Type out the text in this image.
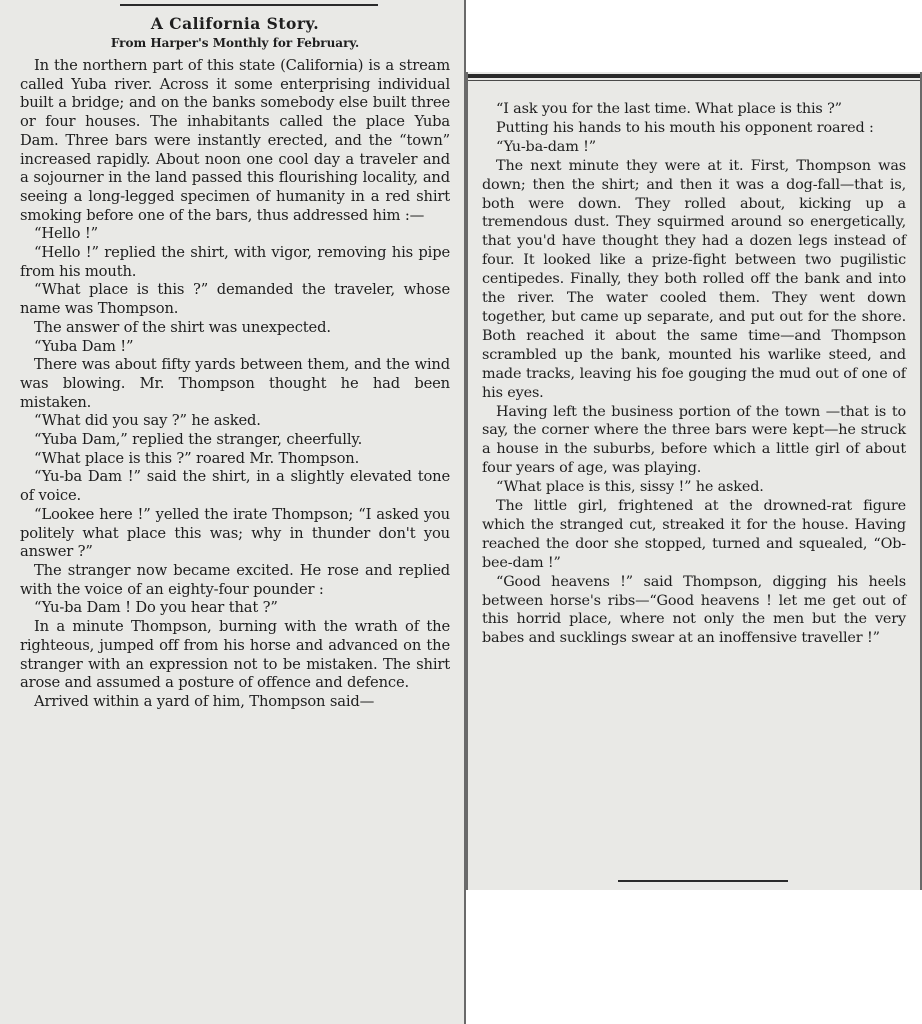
A California Story.
From Harper's Monthly for February.

In the northern part of this state (California) is a stream called Yuba river. Across it some enterprising individual built a bridge; and on the banks somebody else built three or four houses. The inhabitants called the place Yuba Dam. Three bars were instantly erected, and the “town” increased rapidly. About noon one cool day a traveler and a sojourner in the land passed this flourishing locality, and seeing a long-legged specimen of humanity in a red shirt smoking before one of the bars, thus addressed him :—

“Hello !”

“Hello !” replied the shirt, with vigor, removing his pipe from his mouth.

“What place is this ?” demanded the traveler, whose name was Thompson.

The answer of the shirt was unexpected.

“Yuba Dam !”

There was about fifty yards between them, and the wind was blowing. Mr. Thompson thought he had been mistaken.

“What did you say ?” he asked.

“Yuba Dam,” replied the stranger, cheerfully.

“What place is this ?” roared Mr. Thompson.

“Yu-ba Dam !” said the shirt, in a slightly elevated tone of voice.

“Lookee here !” yelled the irate Thompson; “I asked you politely what place this was; why in thunder don't you answer ?”

The stranger now became excited. He rose and replied with the voice of an eighty-four pounder :

“Yu-ba Dam ! Do you hear that ?”

In a minute Thompson, burning with the wrath of the righteous, jumped off from his horse and advanced on the stranger with an expression not to be mistaken. The shirt arose and assumed a posture of offence and defence.

Arrived within a yard of him, Thompson said—

“I ask you for the last time. What place is this ?”

Putting his hands to his mouth his opponent roared :

“Yu-ba-dam !”

The next minute they were at it. First, Thompson was down; then the shirt; and then it was a dog-fall—that is, both were down. They rolled about, kicking up a tremendous dust. They squirmed around so energetically, that you'd have thought they had a dozen legs instead of four. It looked like a prize-fight between two pugilistic centipedes. Finally, they both rolled off the bank and into the river. The water cooled them. They went down together, but came up separate, and put out for the shore. Both reached it about the same time—and Thompson scrambled up the bank, mounted his warlike steed, and made tracks, leaving his foe gouging the mud out of one of his eyes.

Having left the business portion of the town —that is to say, the corner where the three bars were kept—he struck a house in the suburbs, before which a little girl of about four years of age, was playing.

“What place is this, sissy !” he asked.

The little girl, frightened at the drowned-rat figure which the stranged cut, streaked it for the house. Having reached the door she stopped, turned and squealed, “Ob-bee-dam !”

“Good heavens !” said Thompson, digging his heels between horse's ribs—“Good heavens ! let me get out of this horrid place, where not only the men but the very babes and sucklings swear at an inoffensive traveller !”
